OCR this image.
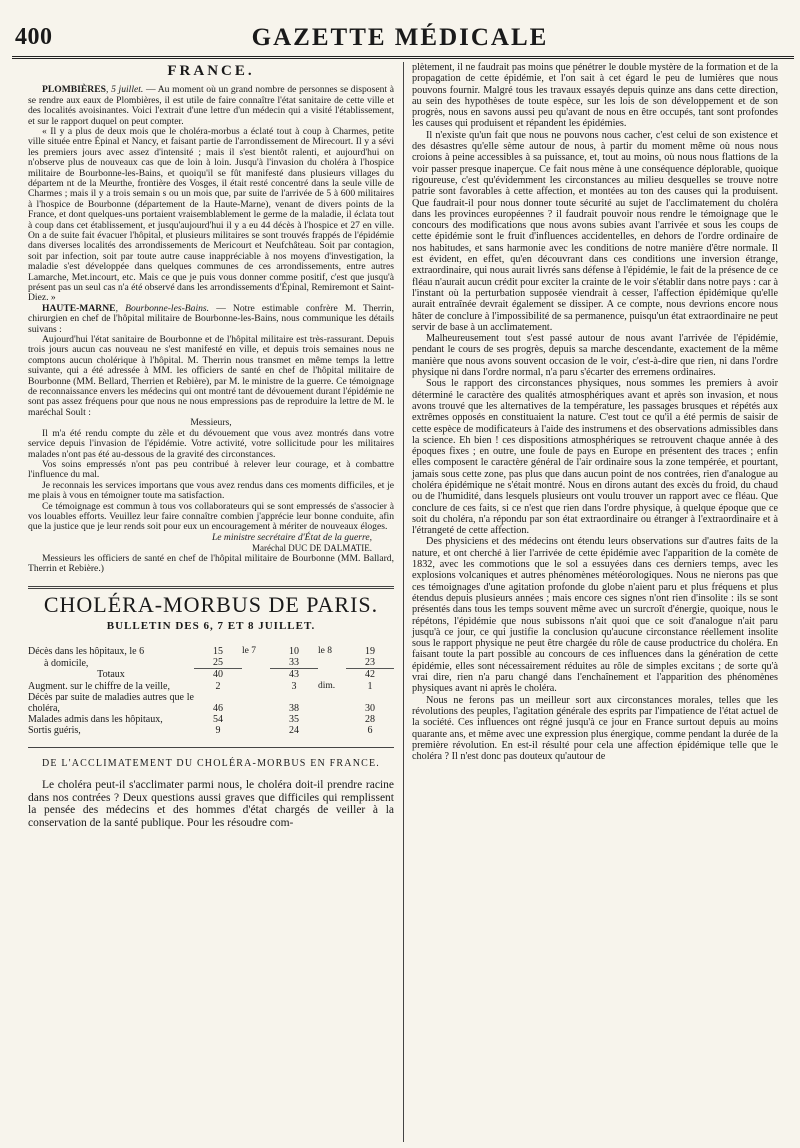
400	GAZETTE MÉDICALE
FRANCE.

PLOMBIÈRES, 5 juillet. — Au moment où un grand nombre de personnes se disposent à se rendre aux eaux de Plombières, il est utile de faire connaître l'état sanitaire de cette ville et des localités avoisinantes. Voici l'extrait d'une lettre d'un médecin qui a visité l'établissement, et sur le rapport duquel on peut compter.

« Il y a plus de deux mois que le choléra-morbus a éclaté tout à coup à Charmes, petite ville située entre Épinal et Nancy, et faisant partie de l'arrondissement de Mirecourt. Il y a sévi les premiers jours avec assez d'intensité ; mais il s'est bientôt ralenti, et aujourd'hui on n'observe plus de nouveaux cas que de loin à loin. Jusqu'à l'invasion du choléra à l'hospice militaire de Bourbonne-les-Bains, et quoiqu'il se fût manifesté dans plusieurs villages du départem nt de la Meurthe, frontière des Vosges, il était resté concentré dans la seule ville de Charmes ; mais il y a trois semain s ou un mois que, par suite de l'arrivée de 5 à 600 militaires à l'hospice de Bourbonne (département de la Haute-Marne), venant de divers points de la France, et dont quelques-uns portaient vraisemblablement le germe de la maladie, il éclata tout à coup dans cet établissement, et jusqu'aujourd'hui il y a eu 44 décès à l'hospice et 27 en ville. On a de suite fait évacuer l'hôpital, et plusieurs militaires se sont trouvés frappés de l'épidémie dans diverses localités des arrondissements de Mericourt et Neufchâteau. Soit par contagion, soit par infection, soit par toute autre cause inappréciable à nos moyens d'investigation, la maladie s'est développée dans quelques communes de ces arrondissements, entre autres Lamarche, Met.incourt, etc. Mais ce que je puis vous donner comme positif, c'est que jusqu'à présent pas un seul cas n'a été observé dans les arrondissements d'Épinal, Remiremont et Saint-Diez. »

HAUTE-MARNE, Bourbonne-les-Bains. — Notre estimable confrère M. Therrin, chirurgien en chef de l'hôpital militaire de Bourbonne-les-Bains, nous communique les détails suivans :

Aujourd'hui l'état sanitaire de Bourbonne et de l'hôpital militaire est très-rassurant. Depuis trois jours aucun cas nouveau ne s'est manifesté en ville, et depuis trois semaines nous ne comptons aucun cholérique à l'hôpital. M. Therrin nous transmet en même temps la lettre suivante, qui a été adressée à MM. les officiers de santé en chef de l'hôpital militaire de Bourbonne (MM. Bellard, Therrien et Rebière), par M. le ministre de la guerre. Ce témoignage de reconnaissance envers les médecins qui ont montré tant de dévouement durant l'épidémie ne sont pas assez fréquens pour que nous ne nous empressions pas de reproduire la lettre de M. le maréchal Soult :

Messieurs,

Il m'a été rendu compte du zèle et du dévouement que vous avez montrés dans votre service depuis l'invasion de l'épidémie. Votre activité, votre sollicitude pour les militaires malades n'ont pas été au-dessous de la gravité des circonstances.

Vos soins empressés n'ont pas peu contribué à relever leur courage, et à combattre l'influence du mal.

Je reconnais les services importans que vous avez rendus dans ces moments difficiles, et je me plais à vous en témoigner toute ma satisfaction.

Ce témoignage est commun à tous vos collaborateurs qui se sont empressés de s'associer à vos louables efforts. Veuillez leur faire connaître combien j'apprécie leur bonne conduite, afin que la justice que je leur rends soit pour eux un encouragement à mériter de nouveaux éloges.

Le ministre secrétaire d'État de la guerre,

Maréchal DUC DE DALMATIE.

Messieurs les officiers de santé en chef de l'hôpital militaire de Bourbonne (MM. Ballard, Therrin et Rebière.)

CHOLÉRA-MORBUS DE PARIS.
BULLETIN DES 6, 7 ET 8 JUILLET.
Décès dans les hôpitaux, le 6	15	le 7	10	le 8	19
à domicile,	25		33		23
Totaux	40		43		42
Augment. sur le chiffre de la veille,	2		3	dim.	1
Décès par suite de maladies autres que le choléra,	46		38		30
Malades admis dans les hôpitaux,	54		35		28
Sortis guéris,	9		24		6
DE L'ACCLIMATEMENT DU CHOLÉRA-MORBUS EN FRANCE.

Le choléra peut-il s'acclimater parmi nous, le choléra doit-il prendre racine dans nos contrées ? Deux questions aussi graves que difficiles qui remplissent la pensée des médecins et des hommes d'état chargés de veiller à la conservation de la santé publique. Pour les résoudre com-

plètement, il ne faudrait pas moins que pénétrer le double mystère de la formation et de la propagation de cette épidémie, et l'on sait à cet égard le peu de lumières que nous pouvons fournir. Malgré tous les travaux essayés depuis quinze ans dans cette direction, au sein des hypothèses de toute espèce, sur les lois de son développement et de son progrès, nous en savons aussi peu qu'avant de nous en être occupés, tant sont profondes les causes qui produisent et répandent les épidémies.

Il n'existe qu'un fait que nous ne pouvons nous cacher, c'est celui de son existence et des désastres qu'elle sème autour de nous, à partir du moment même où nous nous croions à peine accessibles à sa puissance, et, tout au moins, où nous nous flattions de la voir passer presque inaperçue. Ce fait nous mène à une conséquence déplorable, quoique rigoureuse, c'est qu'évidemment les circonstances au milieu desquelles se trouve notre patrie sont favorables à cette affection, et montées au ton des causes qui la produisent. Que faudrait-il pour nous donner toute sécurité au sujet de l'acclimatement du choléra dans les provinces européennes ? il faudrait pouvoir nous rendre le témoignage que le concours des modifications que nous avons subies avant l'arrivée et sous les coups de cette épidémie sont le fruit d'influences accidentelles, en dehors de l'ordre ordinaire de nos habitudes, et sans harmonie avec les conditions de notre manière d'être normale. Il est évident, en effet, qu'en découvrant dans ces conditions une inversion étrange, extraordinaire, qui nous aurait livrés sans défense à l'épidémie, le fait de la présence de ce fléau n'aurait aucun crédit pour exciter la crainte de le voir s'établir dans notre pays : car à l'instant où la perturbation supposée viendrait à cesser, l'affection épidémique qu'elle aurait entraînée devrait également se dissiper. A ce compte, nous devrions encore nous hâter de conclure à l'impossibilité de sa permanence, puisqu'un état extraordinaire ne peut servir de base à un acclimatement.

Malheureusement tout s'est passé autour de nous avant l'arrivée de l'épidémie, pendant le cours de ses progrès, depuis sa marche descendante, exactement de la même manière que nous avons souvent occasion de le voir, c'est-à-dire que rien, ni dans l'ordre physique ni dans l'ordre normal, n'a paru s'écarter des erremens ordinaires.

Sous le rapport des circonstances physiques, nous sommes les premiers à avoir déterminé le caractère des qualités atmosphériques avant et après son invasion, et nous avons trouvé que les alternatives de la température, les passages brusques et répétés aux extrêmes opposés en constituaient la nature. C'est tout ce qu'il a été permis de saisir de cette espèce de modificateurs à l'aide des instrumens et des observations admissibles dans la science. Eh bien ! ces dispositions atmosphériques se retrouvent chaque année à des époques fixes ; en outre, une foule de pays en Europe en présentent des traces ; enfin elles composent le caractère général de l'air ordinaire sous la zone tempérée, et pourtant, jamais sous cette zone, pas plus que dans aucun point de nos contrées, rien d'analogue au choléra épidémique ne s'était montré. Nous en dirons autant des excès du froid, du chaud ou de l'humidité, dans lesquels plusieurs ont voulu trouver un rapport avec ce fléau. Que conclure de ces faits, si ce n'est que rien dans l'ordre physique, à quelque époque que ce soit du choléra, n'a répondu par son état extraordinaire ou étranger à l'extraordinaire et à l'étrangeté de cette affection.

Des physiciens et des médecins ont étendu leurs observations sur d'autres faits de la nature, et ont cherché à lier l'arrivée de cette épidémie avec l'apparition de la comète de 1832, avec les commotions que le sol a essuyées dans ces derniers temps, avec les explosions volcaniques et autres phénomènes météorologiques. Nous ne nierons pas que ces témoignages d'une agitation profonde du globe n'aient paru et plus fréquens et plus étendus depuis plusieurs années ; mais encore ces signes n'ont rien d'insolite : ils se sont présentés dans tous les temps souvent même avec un surcroît d'énergie, quoique, nous le répétons, l'épidémie que nous subissons n'ait quoi que ce soit d'analogue n'ait paru jusqu'à ce jour, ce qui justifie la conclusion qu'aucune circonstance réellement insolite sous le rapport physique ne peut être chargée du rôle de cause productrice du choléra. En faisant toute la part possible au concours de ces influences dans la génération de cette épidémie, elles sont nécessairement réduites au rôle de simples excitans ; de sorte qu'à vrai dire, rien n'a paru changé dans l'enchaînement et l'apparition des phénomènes physiques avant ni après le choléra.

Nous ne ferons pas un meilleur sort aux circonstances morales, telles que les révolutions des peuples, l'agitation générale des esprits par l'impatience de l'état actuel de la société. Ces influences ont régné jusqu'à ce jour en France surtout depuis au moins quarante ans, et même avec une expression plus énergique, comme pendant la durée de la première révolution. En est-il résulté pour cela une affection épidémique telle que le choléra ? Il n'est donc pas douteux qu'autour de
